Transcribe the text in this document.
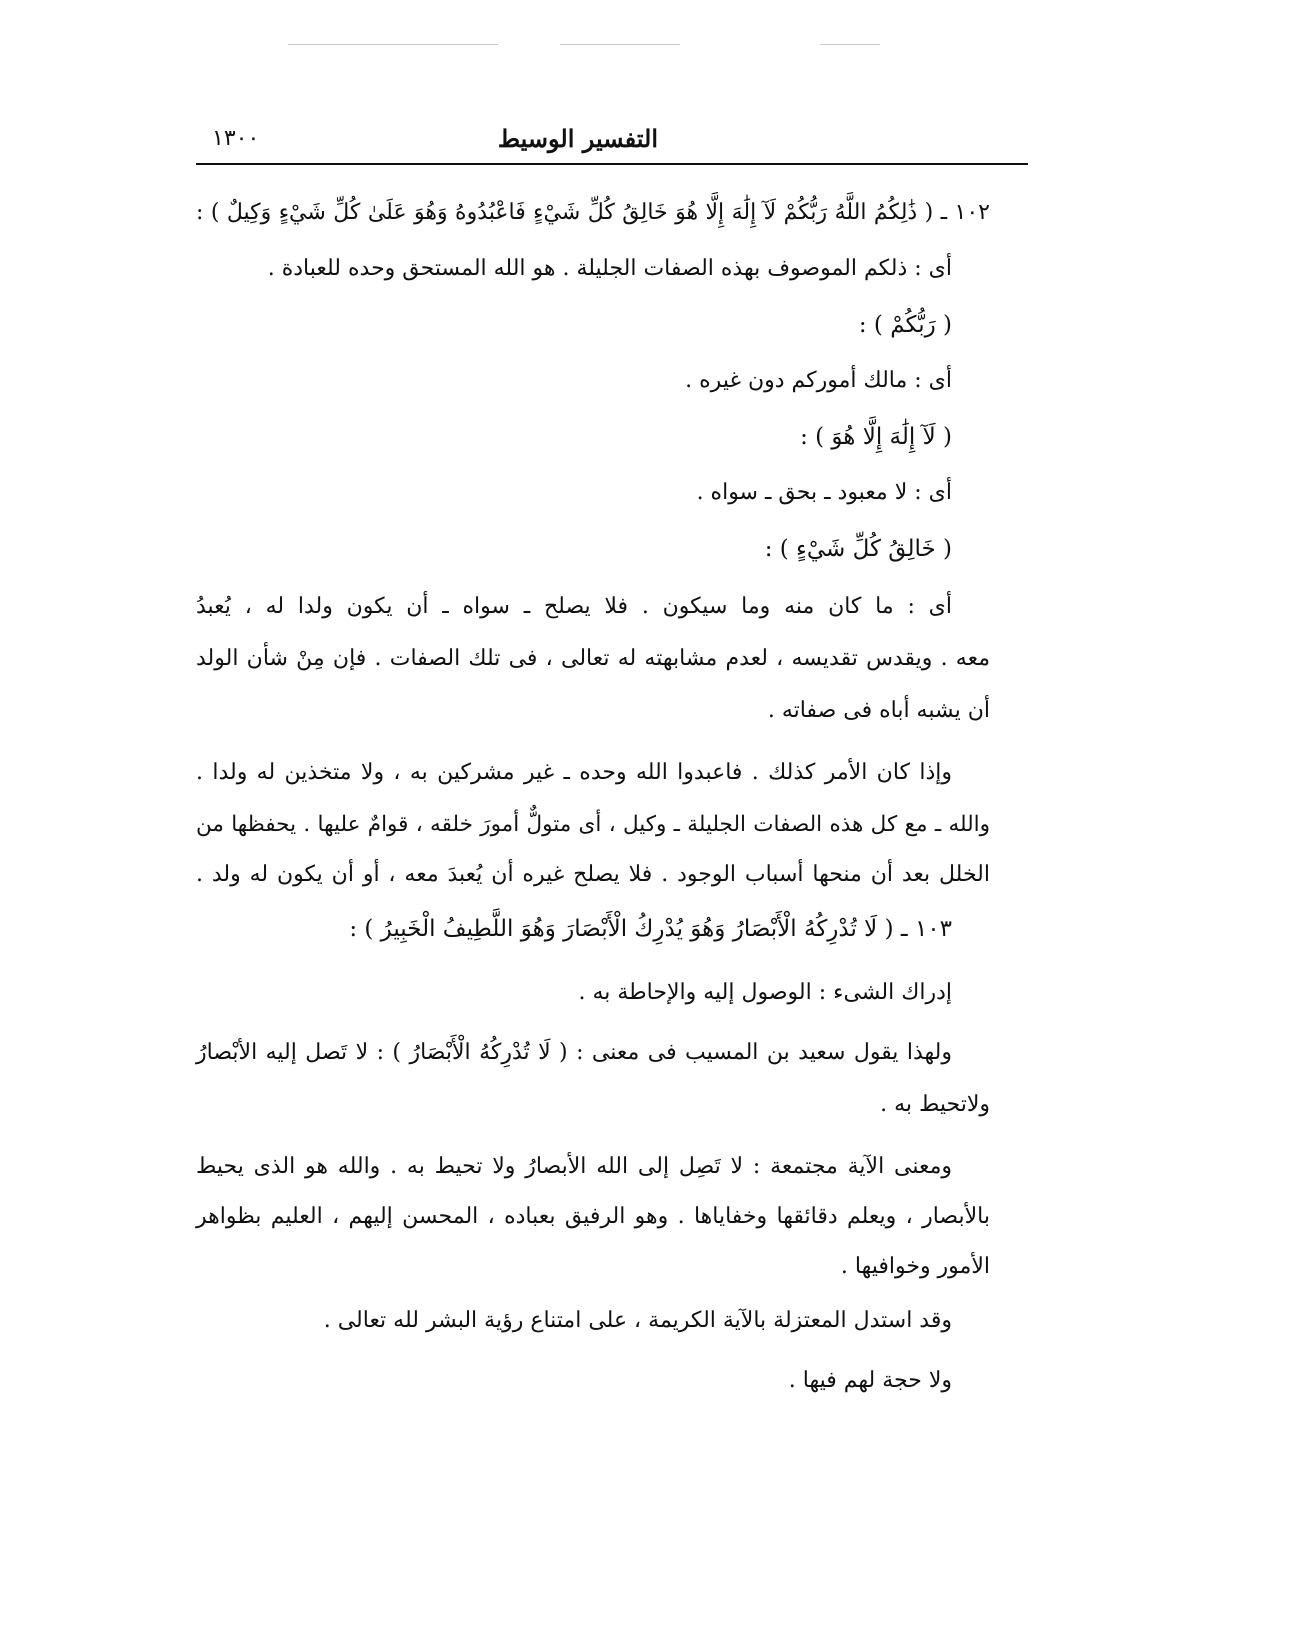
التفسير الوسيط
١٣٠٠
١٠٢ ـ ( ذَٰلِكُمُ اللَّهُ رَبُّكُمْ لَآ إِلَٰهَ إِلَّا هُوَ خَالِقُ كُلِّ شَيْءٍ فَاعْبُدُوهُ وَهُوَ عَلَىٰ كُلِّ شَيْءٍ وَكِيلٌ ) :
أى : ذلكم الموصوف بهذه الصفات الجليلة . هو الله المستحق وحده للعبادة .
( رَبُّكُمْ ) :
أى : مالك أموركم دون غيره .
( لَآ إِلَٰهَ إِلَّا هُوَ ) :
أى : لا معبود ـ بحق ـ سواه .
( خَالِقُ كُلِّ شَيْءٍ ) :
أى : ما كان منه وما سيكون . فلا يصلح ـ سواه ـ أن يكون ولدا له ، يُعبدُ
معه . ويقدس تقديسه ، لعدم مشابهته له تعالى ، فى تلك الصفات . فإن مِنْ شأن الولد
أن يشبه أباه فى صفاته .
وإذا كان الأمر كذلك . فاعبدوا الله وحده ـ غير مشركين به ، ولا متخذين له ولدا .
والله ـ مع كل هذه الصفات الجليلة ـ وكيل ، أى متولٌّ أمورَ خلقه ، قوامٌ عليها . يحفظها من
الخلل بعد أن منحها أسباب الوجود . فلا يصلح غيره أن يُعبدَ معه ، أو أن يكون له ولد .
١٠٣ ـ ( لَا تُدْرِكُهُ الْأَبْصَارُ وَهُوَ يُدْرِكُ الْأَبْصَارَ وَهُوَ اللَّطِيفُ الْخَبِيرُ ) :
إدراك الشىء : الوصول إليه والإحاطة به .
ولهذا يقول سعيد بن المسيب فى معنى : ( لَا تُدْرِكُهُ الْأَبْصَارُ ) : لا تَصل إليه الأبْصارُ
ولاتحيط به .
ومعنى الآية مجتمعة : لا تَصِل إلى الله الأبصارُ ولا تحيط به . والله هو الذى يحيط
بالأبصار ، ويعلم دقائقها وخفاياها . وهو الرفيق بعباده ، المحسن إليهم ، العليم بظواهر
الأمور وخوافيها .
وقد استدل المعتزلة بالآية الكريمة ، على امتناع رؤية البشر لله تعالى .
ولا حجة لهم فيها .
